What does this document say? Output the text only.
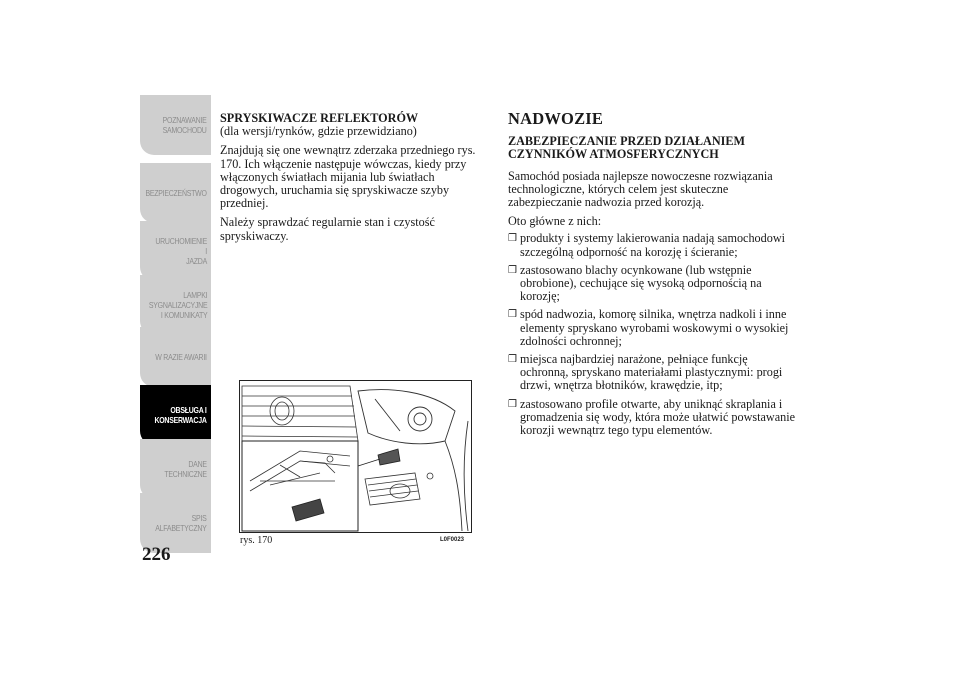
POZNAWANIE
SAMOCHODU
BEZPIECZEŃSTWO
URUCHOMIENIE I
JAZDA
LAMPKI
SYGNALIZACYJNE
I KOMUNIKATY
W RAZIE AWARII
OBSŁUGA I
KONSERWACJA
DANE
TECHNICZNE
SPIS
ALFABETYCZNY
226
SPRYSKIWACZE REFLEKTORÓW

(dla wersji/rynków, gdzie przewidziano)

Znajdują się one wewnątrz zderzaka przedniego rys. 170. Ich włączenie następuje wówczas, kiedy przy włączonych światłach mijania lub światłach drogowych, uruchamia się spryskiwacze szyby przedniej.

Należy sprawdzać regularnie stan i czystość spryskiwaczy.

rys. 170	L0F0023
NADWOZIE
ZABEZPIECZANIE PRZED DZIAŁANIEM CZYNNIKÓW ATMOSFERYCZNYCH

Samochód posiada najlepsze nowoczesne rozwiązania technologiczne, których celem jest skuteczne zabezpieczanie nadwozia przed korozją.

Oto główne z nich:

❒ produkty i systemy lakierowania nadają samochodowi szczególną odporność na korozję i ścieranie;
❒ zastosowano blachy ocynkowane (lub wstępnie obrobione), cechujące się wysoką odpornością na korozję;
❒ spód nadwozia, komorę silnika, wnętrza nadkoli i inne elementy spryskano wyrobami woskowymi o wysokiej zdolności ochronnej;
❒ miejsca najbardziej narażone, pełniące funkcję ochronną, spryskano materiałami plastycznymi: progi drzwi, wnętrza błotników, krawędzie, itp;
❒ zastosowano profile otwarte, aby uniknąć skraplania i gromadzenia się wody, która może ułatwić powstawanie korozji wewnątrz tego typu elementów.
